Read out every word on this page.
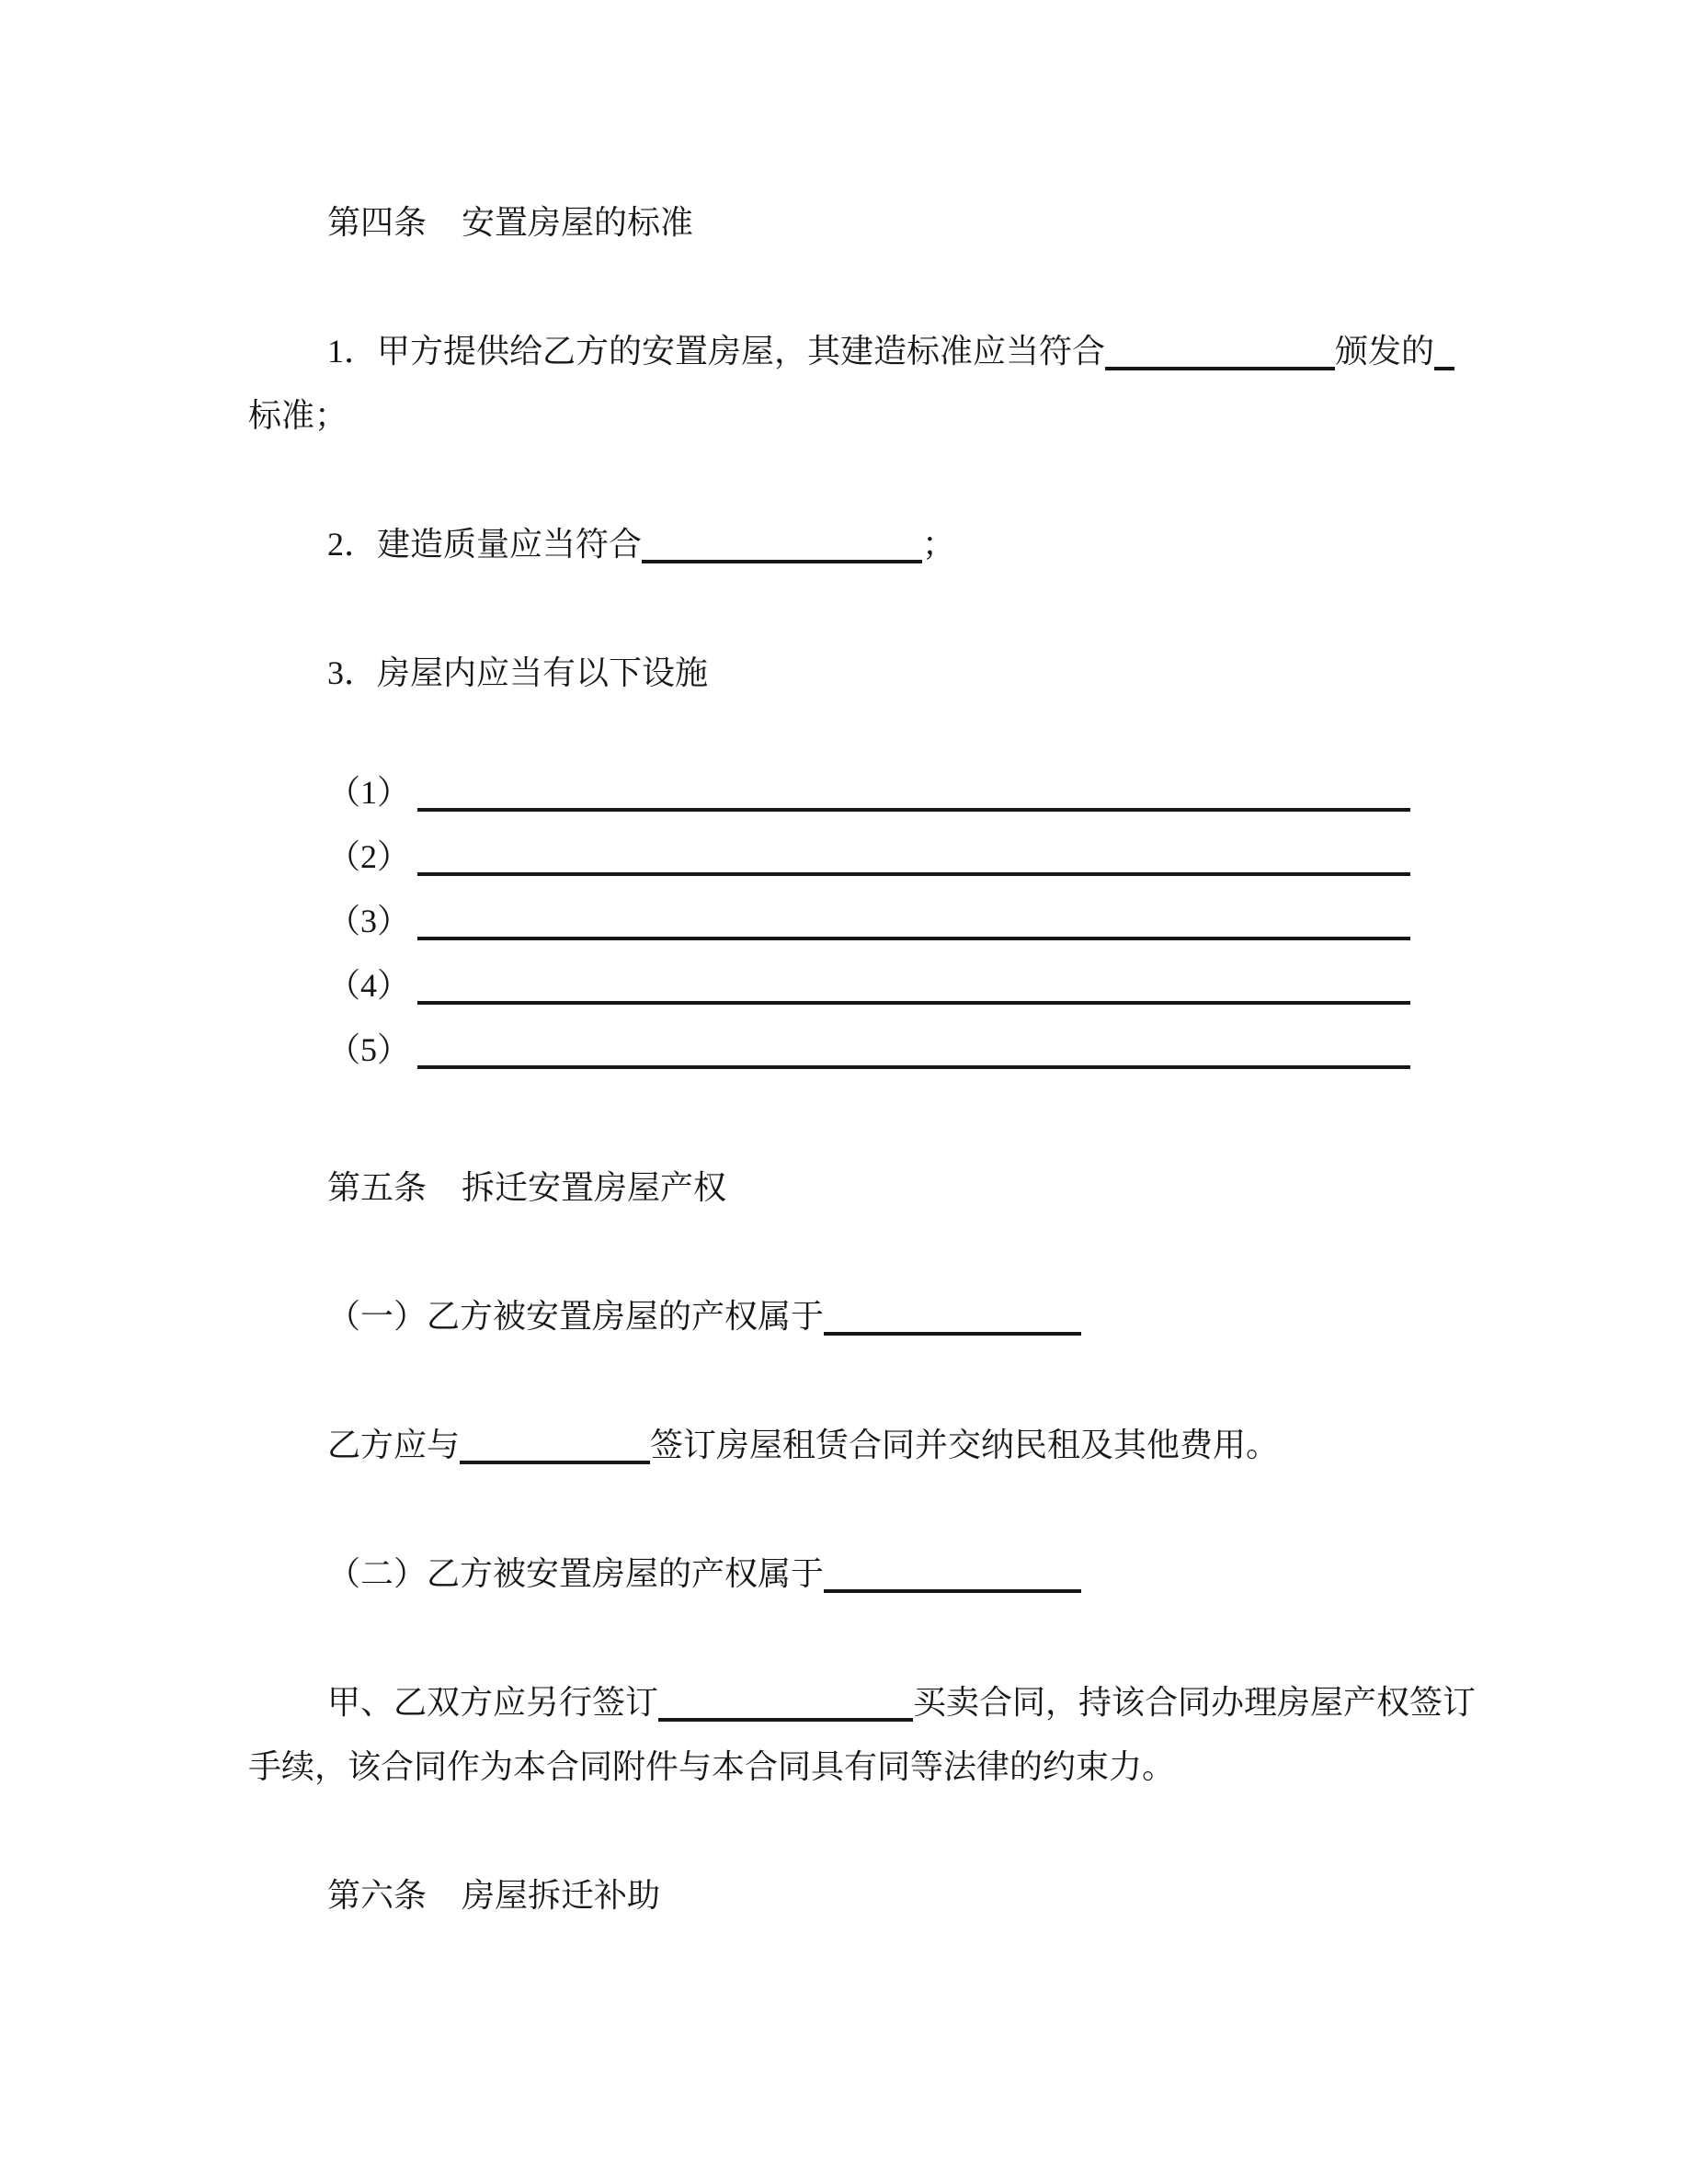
第四条 安置房屋的标准
1．甲方提供给乙方的安置房屋，其建造标准应当符合	颁发的
标准；
2．建造质量应当符合	；
3．房屋内应当有以下设施
（1）
（2）
（3）
（4）
（5）
第五条 拆迁安置房屋产权
（一）乙方被安置房屋的产权属于
乙方应与	签订房屋租赁合同并交纳民租及其他费用。
（二）乙方被安置房屋的产权属于
甲、乙双方应另行签订	买卖合同，持该合同办理房屋产权签订
手续，该合同作为本合同附件与本合同具有同等法律的约束力。
第六条 房屋拆迁补助
